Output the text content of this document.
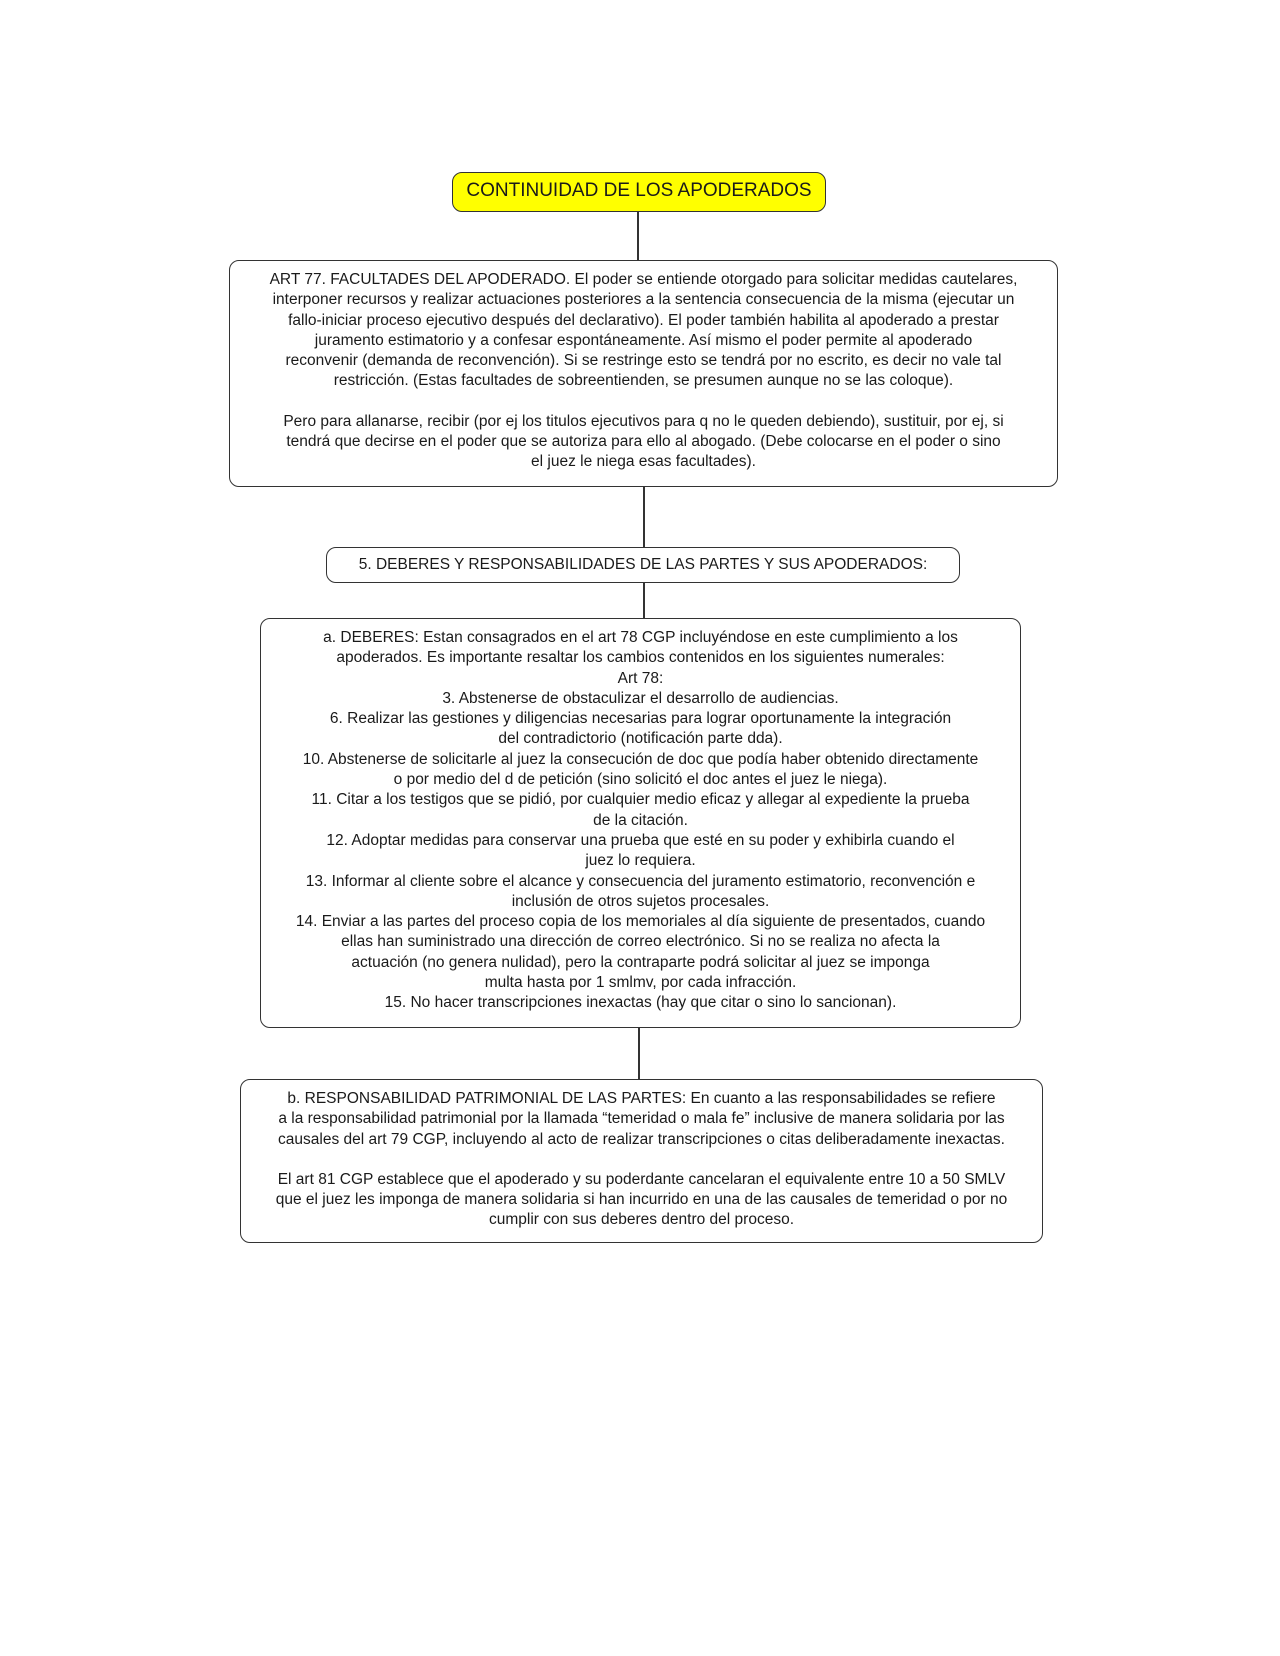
CONTINUIDAD DE LOS APODERADOS
ART 77. FACULTADES DEL APODERADO. El poder se entiende otorgado para solicitar medidas cautelares,
interponer recursos y realizar actuaciones posteriores a la sentencia consecuencia de la misma (ejecutar un
fallo-iniciar proceso ejecutivo después del declarativo). El poder también habilita al apoderado a prestar
juramento estimatorio y a confesar espontáneamente. Así mismo el poder permite al apoderado
reconvenir (demanda de reconvención). Si se restringe esto se tendrá por no escrito, es decir no vale tal
restricción. (Estas facultades de sobreentienden, se presumen aunque no se las coloque).
Pero para allanarse, recibir (por ej los titulos ejecutivos para q no le queden debiendo), sustituir, por ej, si
tendrá que decirse en el poder que se autoriza para ello al abogado. (Debe colocarse en el poder o sino
el juez le niega esas facultades).
5. DEBERES Y RESPONSABILIDADES DE LAS PARTES Y SUS APODERADOS:
a. DEBERES: Estan consagrados en el art 78 CGP incluyéndose en este cumplimiento a los
apoderados. Es importante resaltar los cambios contenidos en los siguientes numerales:
Art 78:
3. Abstenerse de obstaculizar el desarrollo de audiencias.
6. Realizar las gestiones y diligencias necesarias para lograr oportunamente la integración
del contradictorio (notificación parte dda).
10. Abstenerse de solicitarle al juez la consecución de doc que podía haber obtenido directamente
o por medio del d de petición (sino solicitó el doc antes el juez le niega).
11. Citar a los testigos que se pidió, por cualquier medio eficaz y allegar al expediente la prueba
de la citación.
12. Adoptar medidas para conservar una prueba que esté en su poder y exhibirla cuando el
juez lo requiera.
13. Informar al cliente sobre el alcance y consecuencia del juramento estimatorio, reconvención e
inclusión de otros sujetos procesales.
14. Enviar a las partes del proceso copia de los memoriales al día siguiente de presentados, cuando
ellas han suministrado una dirección de correo electrónico. Si no se realiza no afecta la
actuación (no genera nulidad), pero la contraparte podrá solicitar al juez se imponga
multa hasta por 1 smlmv, por cada infracción.
15. No hacer transcripciones inexactas (hay que citar o sino lo sancionan).
b. RESPONSABILIDAD PATRIMONIAL DE LAS PARTES: En cuanto a las responsabilidades se refiere
a la responsabilidad patrimonial por la llamada “temeridad o mala fe” inclusive de manera solidaria por las
causales del art 79 CGP, incluyendo al acto de realizar transcripciones o citas deliberadamente inexactas.
El art 81 CGP establece que el apoderado y su poderdante cancelaran el equivalente entre 10 a 50 SMLV
que el juez les imponga de manera solidaria si han incurrido en una de las causales de temeridad o por no
cumplir con sus deberes dentro del proceso.
